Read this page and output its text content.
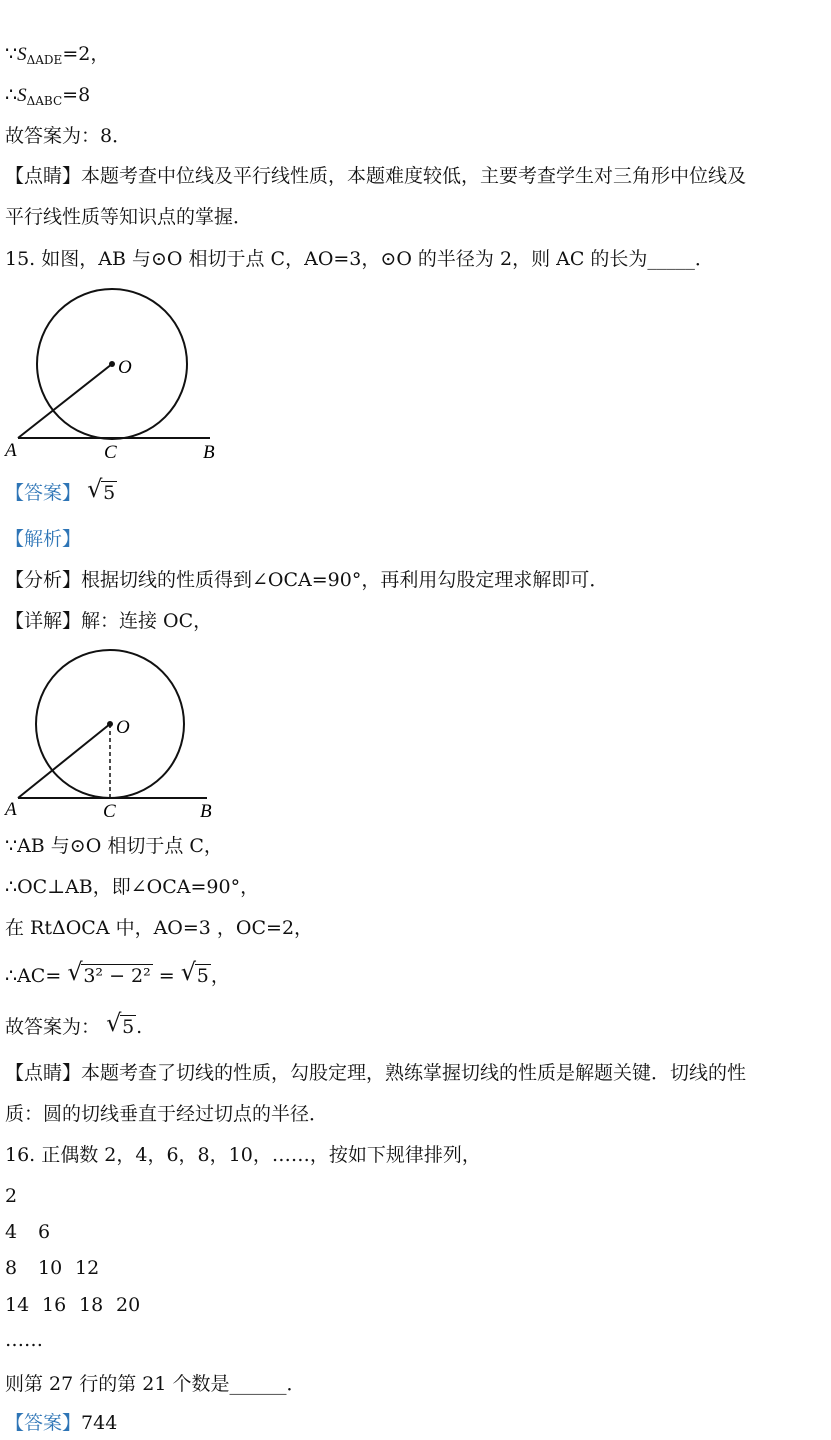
$\because S_{\Delta ADE}=2$，
$\therefore S_{\Delta ABC}=8$
故答案为：8．
【点睛】本题考查中位线及平行线性质，本题难度较低，主要考查学生对三角形中位线及
平行线性质等知识点的掌握．
15. 如图，AB 与⊙O 相切于点 C，AO=3，⊙O 的半径为 2，则 AC 的长为_____．
O
A	C	B
【答案】 √ 5
【解析】
【分析】根据切线的性质得到∠OCA=90°，再利用勾股定理求解即可．
【详解】解：连接 OC，
O
A	C	B
∵AB 与⊙O 相切于点 C，
∴OC⊥AB，即∠OCA=90°，
在 RtΔOCA 中，AO=3 ，OC=2，
∴AC= √ 3² − 2² = √ 5 ，
故答案为： √ 5 .
【点睛】本题考查了切线的性质，勾股定理，熟练掌握切线的性质是解题关键．切线的性
质：圆的切线垂直于经过切点的半径．
16. 正偶数 2，4，6，8，10，……，按如下规律排列，
2
4 6
8 10 12
14 16 18 20
……
则第 27 行的第 21 个数是______．
【答案】744
